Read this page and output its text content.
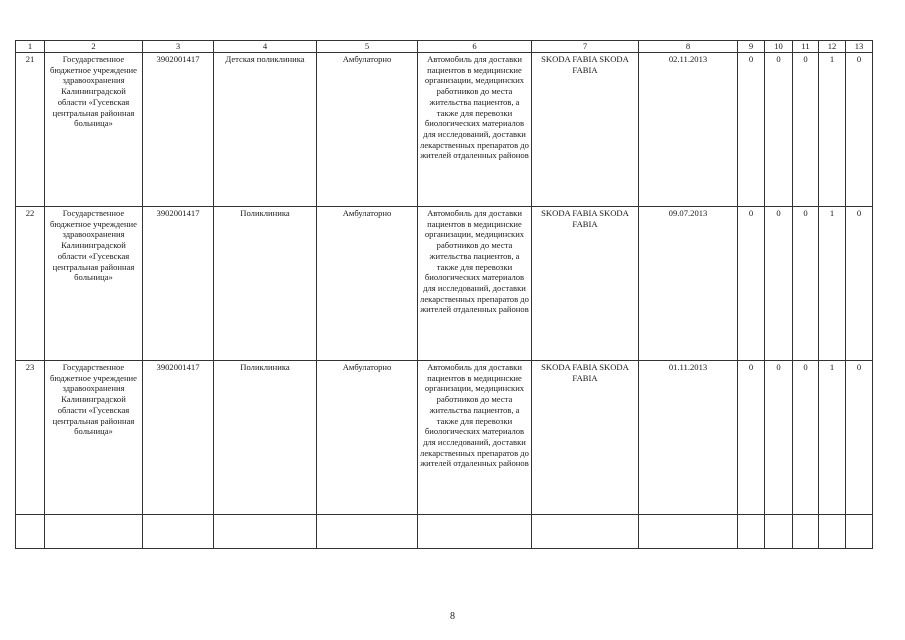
1	2	3	4	5	6	7	8	9	10	11	12	13
21	Государственное бюджетное учреждение здравоохранения Калининградской области «Гусевская центральная районная больница»	3902001417	Детская поликлиника	Амбулаторно	Автомобиль для доставки пациентов в медицинские организации, медицинских работников до места жительства пациентов, а также для перевозки биологических материалов для исследований, доставки лекарственных препаратов до жителей отдаленных районов	SKODA FABIA SKODA FABIA	02.11.2013	0	0	0	1	0
22	Государственное бюджетное учреждение здравоохранения Калининградской области «Гусевская центральная районная больница»	3902001417	Поликлиника	Амбулаторно	Автомобиль для доставки пациентов в медицинские организации, медицинских работников до места жительства пациентов, а также для перевозки биологических материалов для исследований, доставки лекарственных препаратов до жителей отдаленных районов	SKODA FABIA SKODA FABIA	09.07.2013	0	0	0	1	0
23	Государственное бюджетное учреждение здравоохранения Калининградской области «Гусевская центральная районная больница»	3902001417	Поликлиника	Амбулаторно	Автомобиль для доставки пациентов в медицинские организации, медицинских работников до места жительства пациентов, а также для перевозки биологических материалов для исследований, доставки лекарственных препаратов до жителей отдаленных районов	SKODA FABIA SKODA FABIA	01.11.2013	0	0	0	1	0

8
